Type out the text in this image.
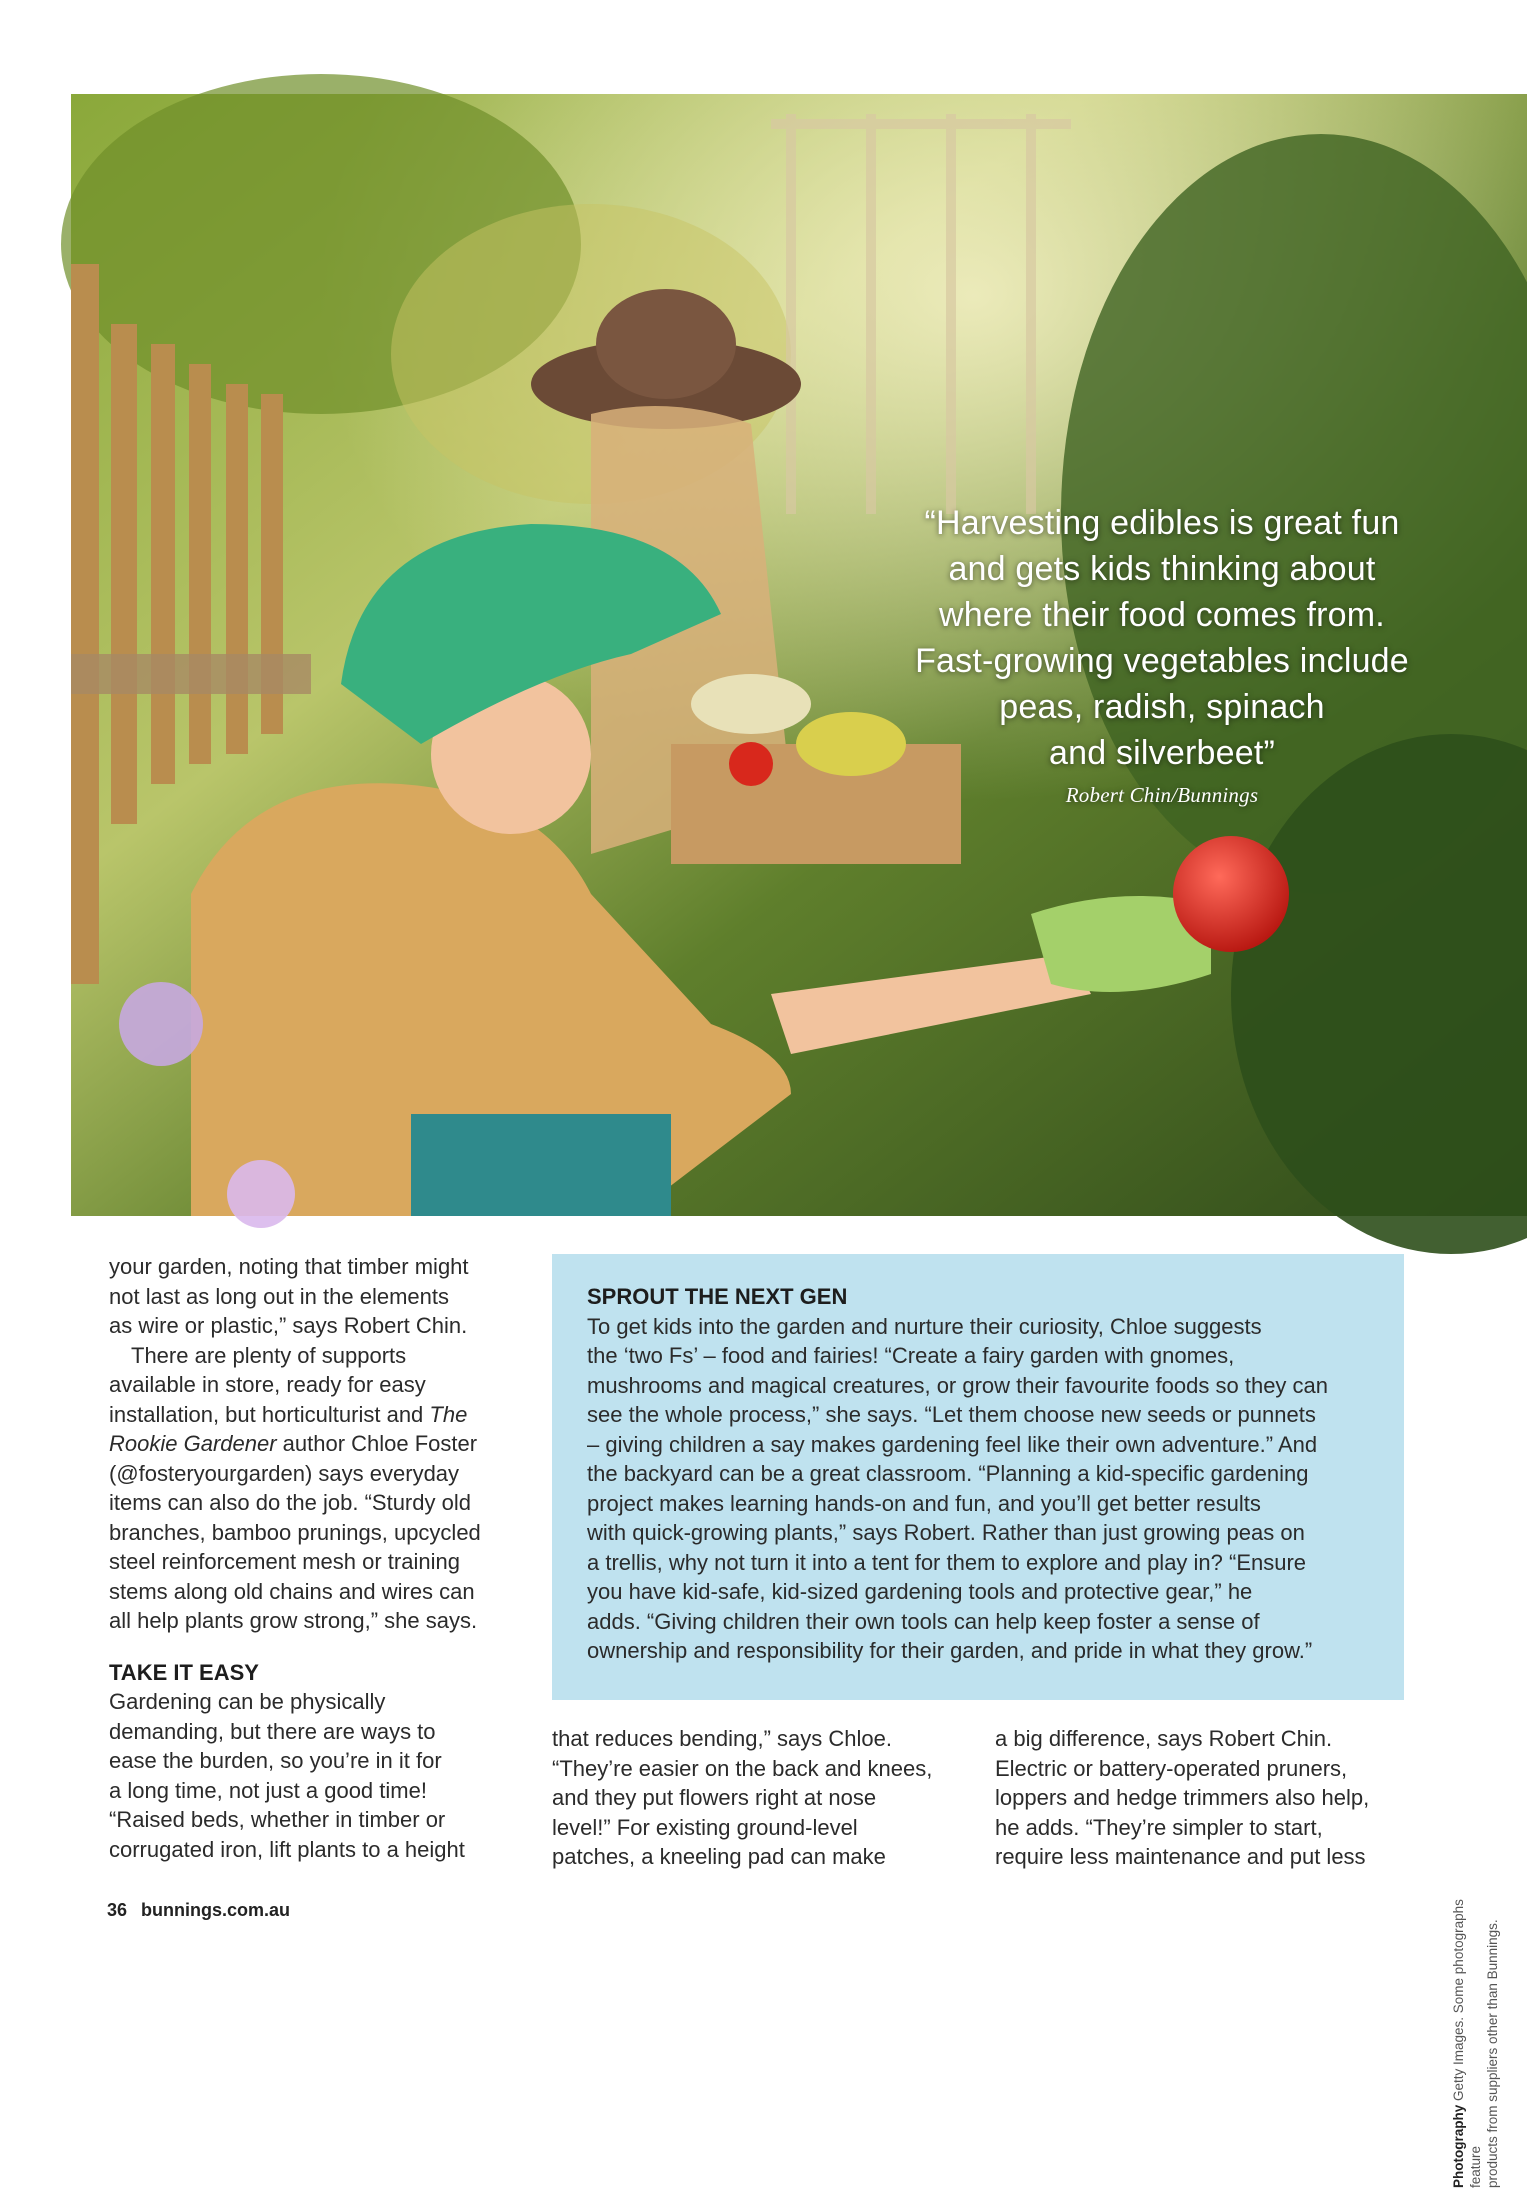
“Harvesting edibles is great fun
and gets kids thinking about
where their food comes from.
Fast-growing vegetables include
peas, radish, spinach
and silverbeet”
Robert Chin/Bunnings

your garden, noting that timber might

not last as long out in the elements

as wire or plastic,” says Robert Chin.

There are plenty of supports

available in store, ready for easy

installation, but horticulturist and The

Rookie Gardener author Chloe Foster

(@fosteryourgarden) says everyday

items can also do the job. “Sturdy old

branches, bamboo prunings, upcycled

steel reinforcement mesh or training

stems along old chains and wires can

all help plants grow strong,” she says.

TAKE IT EASY

Gardening can be physically

demanding, but there are ways to

ease the burden, so you’re in it for

a long time, not just a good time!

“Raised beds, whether in timber or

corrugated iron, lift plants to a height

SPROUT THE NEXT GEN

To get kids into the garden and nurture their curiosity, Chloe suggests

the ‘two Fs’ – food and fairies! “Create a fairy garden with gnomes,

mushrooms and magical creatures, or grow their favourite foods so they can

see the whole process,” she says. “Let them choose new seeds or punnets

– giving children a say makes gardening feel like their own adventure.” And

the backyard can be a great classroom. “Planning a kid-specific gardening

project makes learning hands-on and fun, and you’ll get better results

with quick-growing plants,” says Robert. Rather than just growing peas on

a trellis, why not turn it into a tent for them to explore and play in? “Ensure

you have kid-safe, kid-sized gardening tools and protective gear,” he

adds. “Giving children their own tools can help keep foster a sense of

ownership and responsibility for their garden, and pride in what they grow.”

that reduces bending,” says Chloe.

“They’re easier on the back and knees,

and they put flowers right at nose

level!” For existing ground-level

patches, a kneeling pad can make

a big difference, says Robert Chin.

Electric or battery-operated pruners,

loppers and hedge trimmers also help,

he adds. “They’re simpler to start,

require less maintenance and put less

Photography Getty Images. Some photographs feature products from suppliers other than Bunnings.
36 bunnings.com.au
